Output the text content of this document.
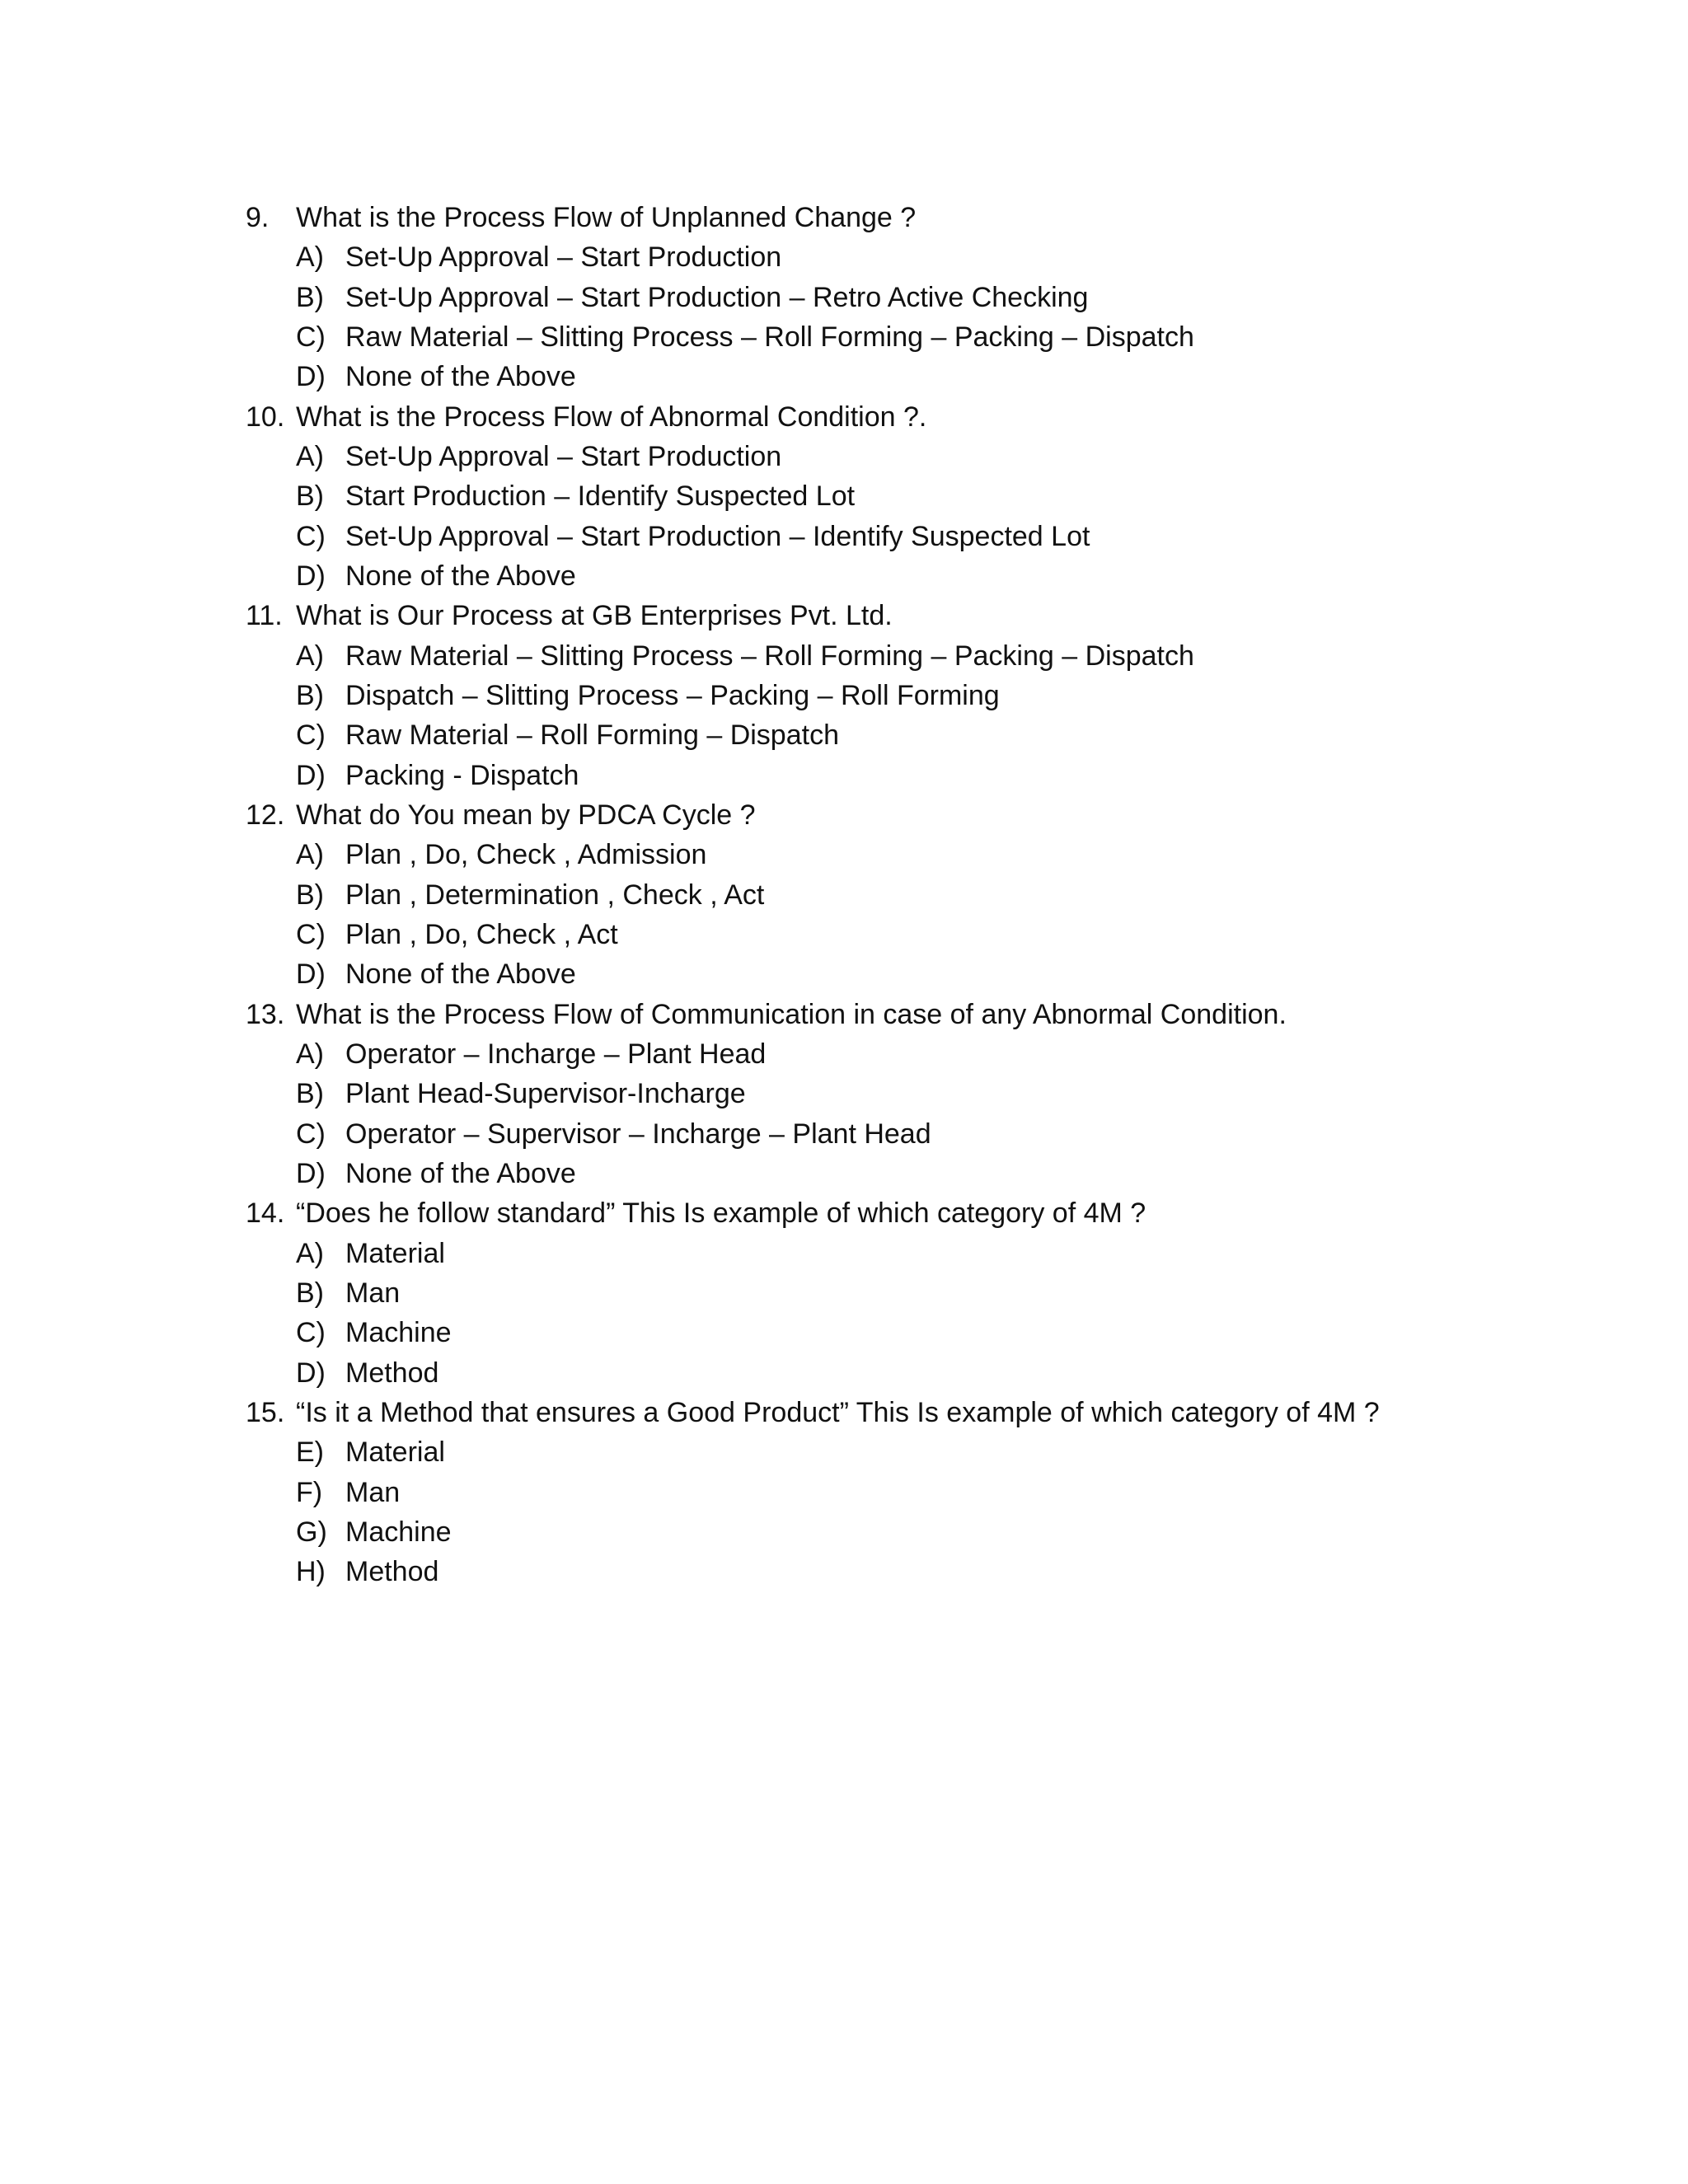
9. What is the Process Flow of Unplanned Change ?
A) Set-Up Approval – Start Production
B) Set-Up Approval – Start Production – Retro Active Checking
C) Raw Material – Slitting Process – Roll Forming – Packing – Dispatch
D) None of the Above
10. What is the Process Flow of Abnormal Condition ?.
A) Set-Up Approval – Start Production
B) Start Production – Identify Suspected Lot
C) Set-Up Approval – Start Production – Identify Suspected Lot
D) None of the Above
11. What is Our Process at GB Enterprises Pvt. Ltd.
A) Raw Material – Slitting Process – Roll Forming – Packing – Dispatch
B) Dispatch – Slitting Process – Packing – Roll Forming
C) Raw Material – Roll Forming – Dispatch
D) Packing - Dispatch
12. What do You mean by PDCA Cycle ?
A) Plan , Do, Check , Admission
B) Plan , Determination , Check , Act
C) Plan , Do, Check , Act
D) None of the Above
13. What is the Process Flow of Communication in case of any Abnormal Condition.
A) Operator – Incharge – Plant Head
B) Plant Head-Supervisor-Incharge
C) Operator – Supervisor – Incharge – Plant Head
D) None of the Above
14. “Does he follow standard” This Is example of which category of 4M ?
A) Material
B) Man
C) Machine
D) Method
15. “Is it a Method that ensures a Good Product” This Is example of which category of 4M ?
E) Material
F) Man
G) Machine
H) Method
